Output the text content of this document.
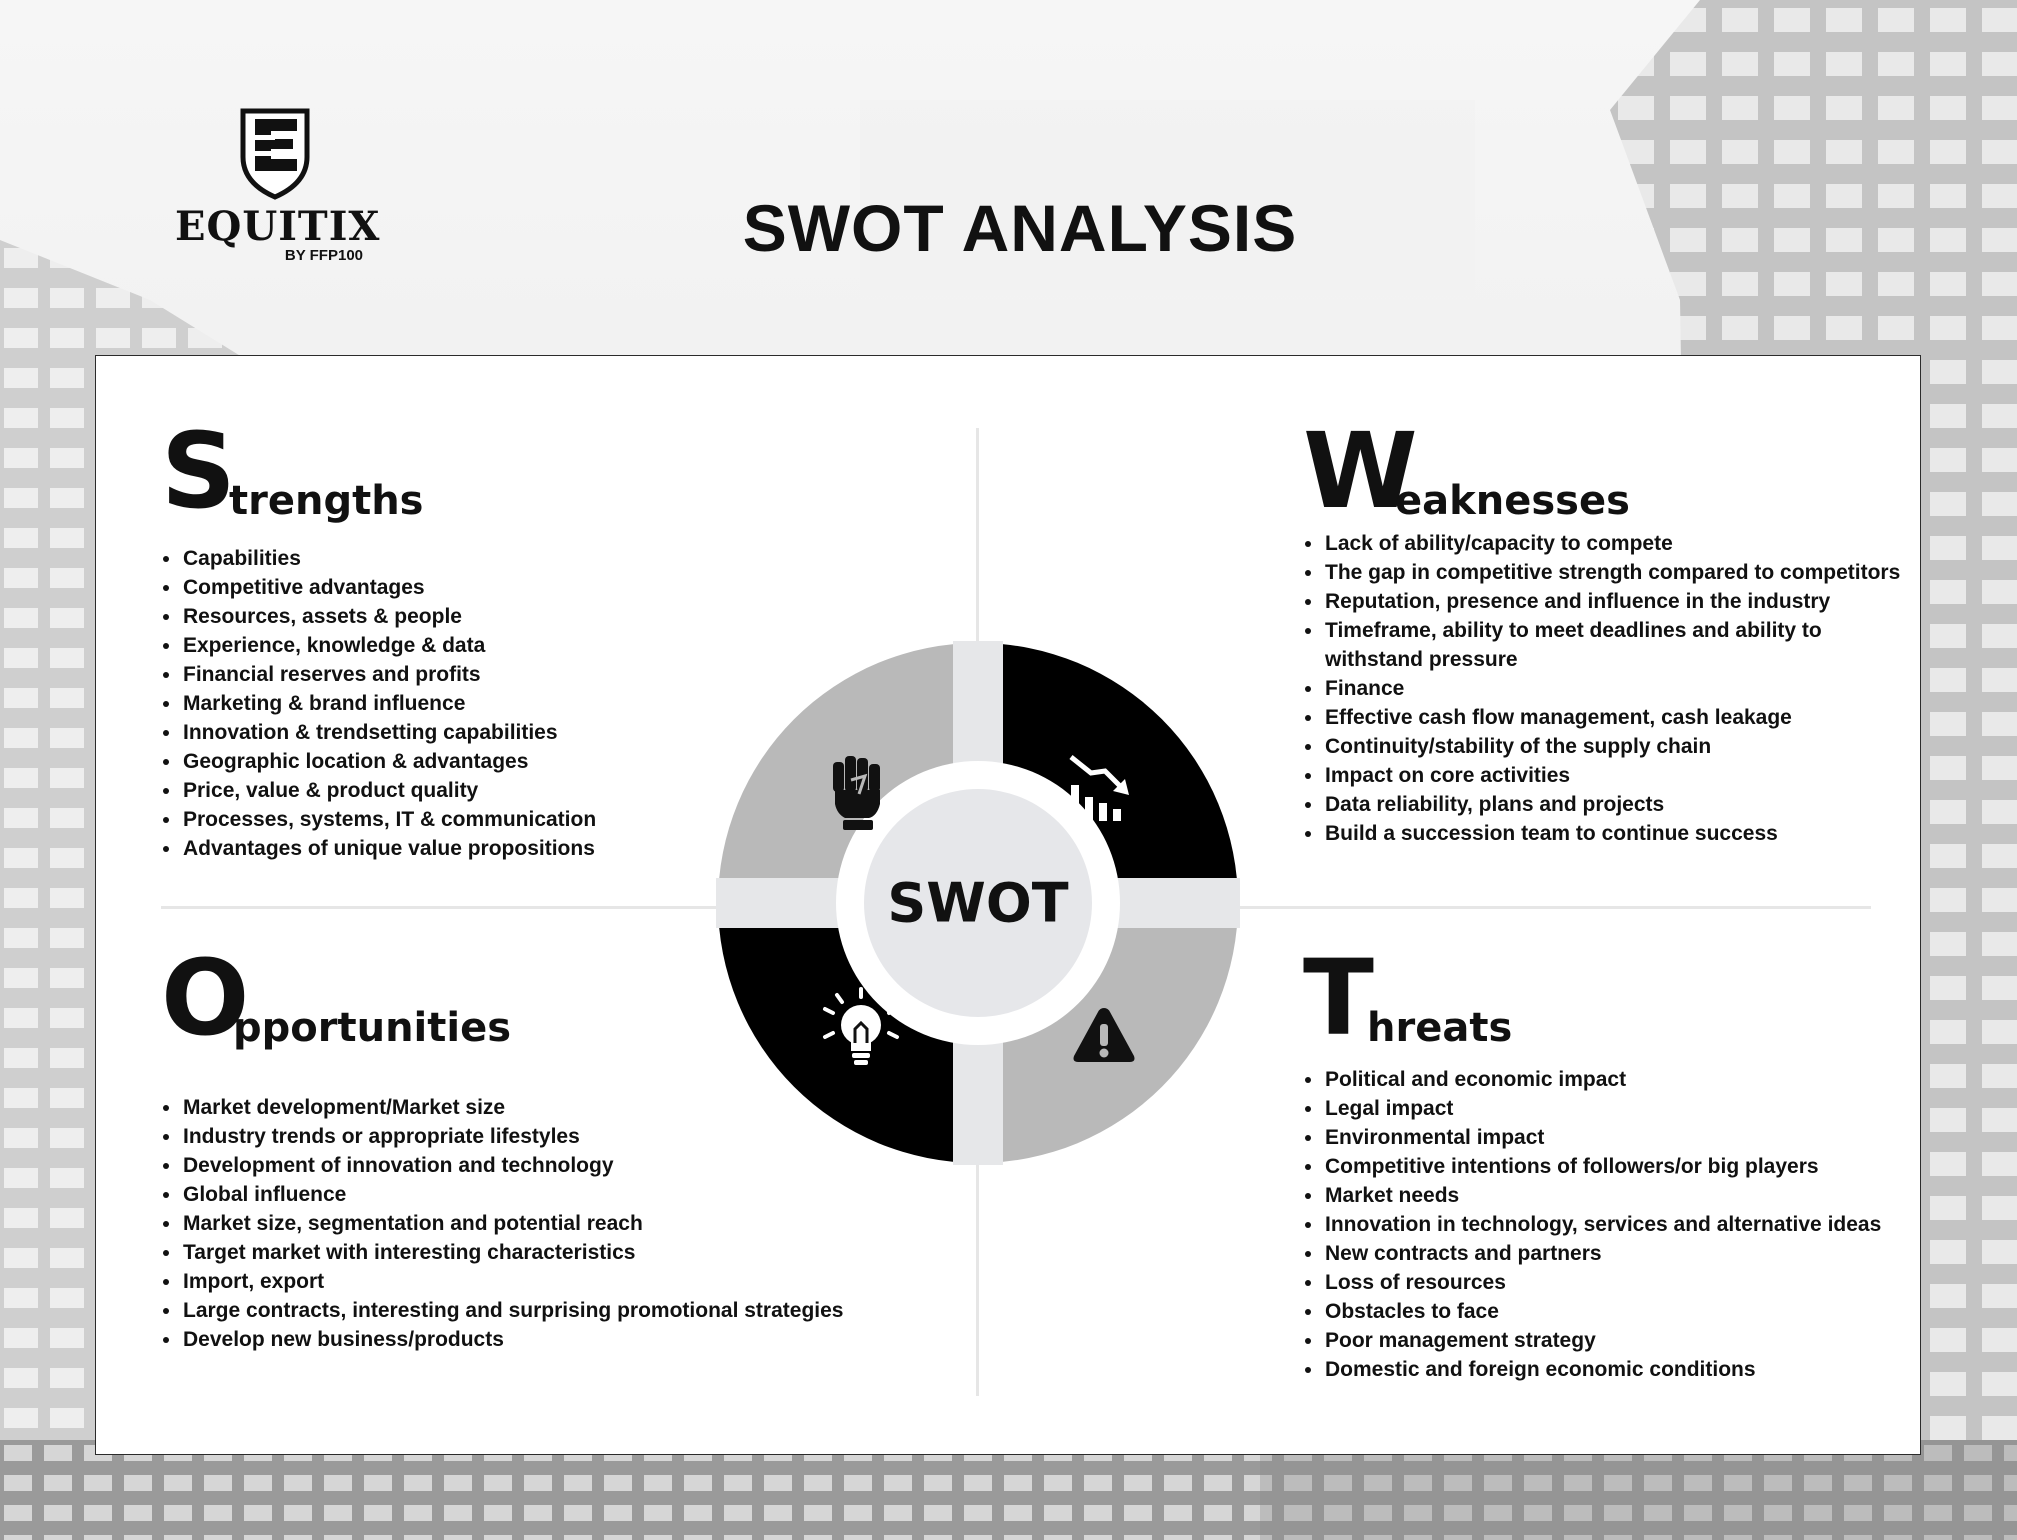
EQUITIX
BY FFP100	SWOT ANALYSIS
S
trengths
Capabilities
Competitive advantages
Resources, assets & people
Experience, knowledge & data
Financial reserves and profits
Marketing & brand influence
Innovation & trendsetting capabilities
Geographic location & advantages
Price, value & product quality
Processes, systems, IT & communication
Advantages of unique value propositions
W
eaknesses
Lack of ability/capacity to compete
The gap in competitive strength compared to competitors
Reputation, presence and influence in the industry
Timeframe, ability to meet deadlines and ability to withstand pressure
Finance
Effective cash flow management, cash leakage
Continuity/stability of the supply chain
Impact on core activities
Data reliability, plans and projects
Build a succession team to continue success
O
pportunities
Market development/Market size
Industry trends or appropriate lifestyles
Development of innovation and technology
Global influence
Market size, segmentation and potential reach
Target market with interesting characteristics
Import, export
Large contracts, interesting and surprising promotional strategies
Develop new business/products
T
hreats
Political and economic impact
Legal impact
Environmental impact
Competitive intentions of followers/or big players
Market needs
Innovation in technology, services and alternative ideas
New contracts and partners
Loss of resources
Obstacles to face
Poor management strategy
Domestic and foreign economic conditions
SWOT
